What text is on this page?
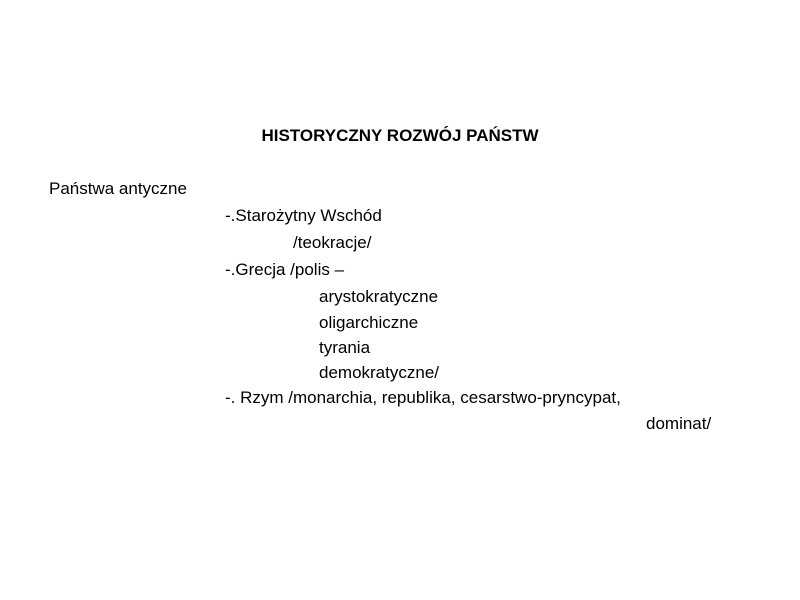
HISTORYCZNY ROZWÓJ PAŃSTW
Państwa antyczne
-.Starożytny Wschód
/teokracje/
-.Grecja /polis –
arystokratyczne
oligarchiczne
tyrania
demokratyczne/
-. Rzym /monarchia, republika, cesarstwo-pryncypat,
dominat/
